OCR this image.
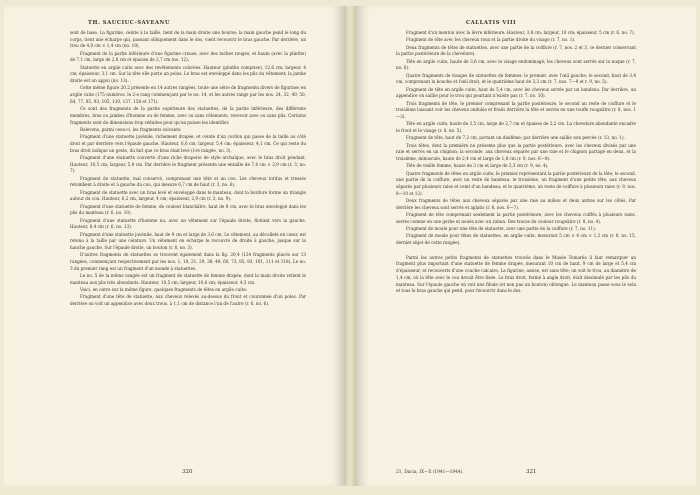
TH. SAUCIUC-SAVEANU

sent de base. La figurine, ceinte à la taille, tient de la main droite une bourse; la main gauche pend le long du corps, tient une écharpe qui, passant obliquement dans le dos, vient recouvrir le bras gauche. Par derrière, un trou de 4,0 cm × 1,4 cm (no. 19).

Fragment de la partie inférieure d'une figurine creuse, avec des taches rouges, et haute (avec la plinthe) de 7,1 cm, large de 2,8 cm et épaisse de 2,7 cm (no. 12).

Statuette en argile cuite avec des revêtements colorées. Hauteur (plinthe comprise), 12,6 cm; largeur, 4 cm; épaisseur, 3,1 cm. Sur la tête elle porte un polos. Le bras est enveloppé dans les plis du vêtement; la jambe droite est un appui (no. 13).

Cette même figure 20,2 présente en 14 autres rangées, toute une série de fragments divers de figurines en argile cuite (175 numéros, le 2-e rang commençant par le no. 14, et les autres rangs par les nos. 24, 32, 40, 50, 64, 77, 85, 93, 105, 120, 137, 158 et 171).

Ce sont des fragments de la partie supérieure des statuettes, de la partie inférieure, des différents membres, bras ou jambes d'homme ou de femme, avec ou sans vêtements, recevoir avec ou sans plis. Certains fragments sont de dimensions trop réduites pour qu'on puisse les identifier.

Relevons, parmi ceux-ci, les fragments suivants:

Fragment d'une statuette juvénile, richement drapée, et ceinte d'un cordon qui passe de la taille au côté droit et par derrière vers l'épaule gauche. Hauteur, 6,6 cm; largeur, 5,4 cm; épaisseur, 4,1 cm. Ce qui reste du bras droit indique un geste, du fait que ce bras était levé (l-re rangée, no. 3).

Fragment d'une statuette couverte d'une riche draperie de style archaïque, avec le bras droit pendant. Hauteur, 10,5 cm; largeur, 5,9 cm. Par derrière le fragment présente une entaille de 7,4 cm × 2,9 cm (r. 3, no. 7).

Fragment de statuette, mal conservé, comprenant une tête et un cou. Les cheveux tordus et tressés retombent à droite et à gauche du cou, qui mesure 6,7 cm de haut (r. 3, no. 6).

Fragment de statuette avec un bras levé et enveloppé dans le manteau, dont la bordure forme un triangle autour du cou. Hauteur, 6,2 cm, largeur, 4 cm; épaisseur, 2,9 cm (r. 3, no. 9).

Fragment d'une statuette de femme, de couleur blanchâtre, haut de 8 cm, avec le bras enveloppé dans les plis du manteau (r. 6, no. 10).

Fragment d'une statuette d'homme nu, avec un vêtement sur l'épaule droite, flottant vers la gauche. Hauteur, 8,4 cm (r. 6, no. 13).

Fragment d'une statuette juvénile, haut de 9 cm et large de 3,6 cm. Le vêtement, au décolleté en cœur, est retenu à la taille par une ceinture. Un vêtement en écharpe le recouvre de droite à gauche, jusque sur la hanche gauche. Sur l'épaule droite, un bouton (r. 8, no. 3).

D'autres fragments de statuettes se trouvent également dans la fig. 20,4 (124 fragments placés sur 13 rangées, commençant respectivement par les nos. 1, 10, 21, 29, 38, 49, 60, 73, 85, 93, 101, 111 et 118). Le no. 3 du premier rang est un fragment d'un monde à statuettes.

Le no. 5 de la même rangée est un fragment de statuette de femme drapée, dont la main droite retient le manteau aux plis très abondants. Hauteur, 10,5 cm; largeur, 10,6 cm; épaisseur, 4,5 cm.

Voici, en outre sur la même figure, quelques fragments de têtes en argile cuite:

Fragment d'une tête de statuette, aux cheveux relevés au-dessus du front et couronnée d'un polos. Par derrière on voit un appendice avec deux trous, à 1,1 cm de distance l'un de l'autre (r. 6, no. 6).

320
CALLATIS VIII

Fragment d'un menton avec la lèvre inférieure. Hauteur, 3,8 cm; largeur, 10 cm; épaisseur, 5 cm (r. 6, no. 7).

Fragment de tête avec les cheveux roux et la partie droite du visage (r. 7, no. 1).

Deux fragments de têtes de statuettes, avec une partie de la coiffure (r. 7, nos. 2 et 3, ce dernier conservant la partie postérieure de la chevelure).

Tête en argile cuite, haute de 3,6 cm, avec le visage endommagé; les cheveux sont serrés sur la nuque (r. 7, no. 6).

Quatre fragments de visages de statuettes de femmes: le premier, avec l'œil gauche; le second, haut de 3,4 cm, comprenant la bouche et l'œil droit, et le quatrième haut de 3,3 cm (r. 7, nos. 7—9 et r. 9, no. 5).

Fragment de tête en argile cuite, haut de 5,4 cm, avec les cheveux serrés par un bandeau. Par derrière, un appendice on saillie pour le trou qui pourtant n'existe pas (r. 7, no. 10).

Trois fragments de tête, le premier comprenant la partie postérieure, le second un reste de coiffure et le troisième laissant voir les cheveux ondulés et frisés derrière la tête et serrés en une touffe rougeâtre (r. 8, nos. 1—3).

Tête en argile cuite, haute de 3,5 cm, large de 2,7 cm et épaisse de 2,2 cm. La chevelure abondante encadre le front et le visage (r. 8, no. 5).

Fragment de tête, haut de 7,2 cm, portant un diadème; par derrière une saillie non percée (r. 13, no. 1).

Trois têtes, dont la première ne présente plus que la partie postérieure, avec les cheveux divisés par une raie et serrés en un chignon; la seconde, aux cheveux séparés par une raie et le chignon partagé en deux, et la troisième, minuscule, haute de 2,4 cm et large de 1,8 cm (r. 9, nos. 6—8).

Tête de vieille femme, haute de 3 cm et large de 2,3 cm (r. 9, no. 4).

Quatre fragments de têtes en argile cuite, le premier représentant la partie postérieure de la tête; le second, une partie de la coiffure, avec un reste de bandeau; le troisième, un fragment d'une petite tête, aux cheveux séparés par plusieurs raies et ceint d'un bandeau; et le quatrième, un reste de coiffure à plusieurs raies (r. 9, nos. 8—10 et 12).

Deux fragments de têtes aux cheveux séparés par une raie au milieu et deux autres sur les côtés. Par derrière les cheveux sont serrés et aplatis (r. 8, nos. 6—7).

Fragment de tête comprenant seulement la partie postérieure, avec les cheveux coiffés à plusieurs raies, serrés comme en une gerbe et noués avec un ruban. Des traces de couleur rougeâtre (r. 8, no. 4).

Fragment de moule pour une tête de statuette, avec une partie de la coiffure (r. 7, no. 11).

Fragment de moule pour têtes de statuettes, en argile cuite, mesurant 5 cm × 4 cm × 1,2 cm (r. 8, no. 15, dernier objet de cette rangée).

Parmi les autres petits fragments de statuettes trouvés dans le Musée Tomaréa il faut remarquer un fragment plus important d'une statuette de femme drapée, mesurant 10 cm de haut, 9 cm de large et 5,4 cm d'épaisseur, et recouverts d'une couche calcaire. La figurine, assise, est sans tête; on voit le trou, au diamètre de 1,4 cm, où la tête avec le cou devait être fixée. Le bras droit, fermé à angle droit, était dissimulé par les plis du manteau. Sur l'épaule gauche on voit une fibule (et non pas un bouton) oblongue. Le manteau passe sous le sein et tous le bras gauche qui pend, pour recouvrir dans le dos.

21, Dacia, IX—X (1941—1944).	321
